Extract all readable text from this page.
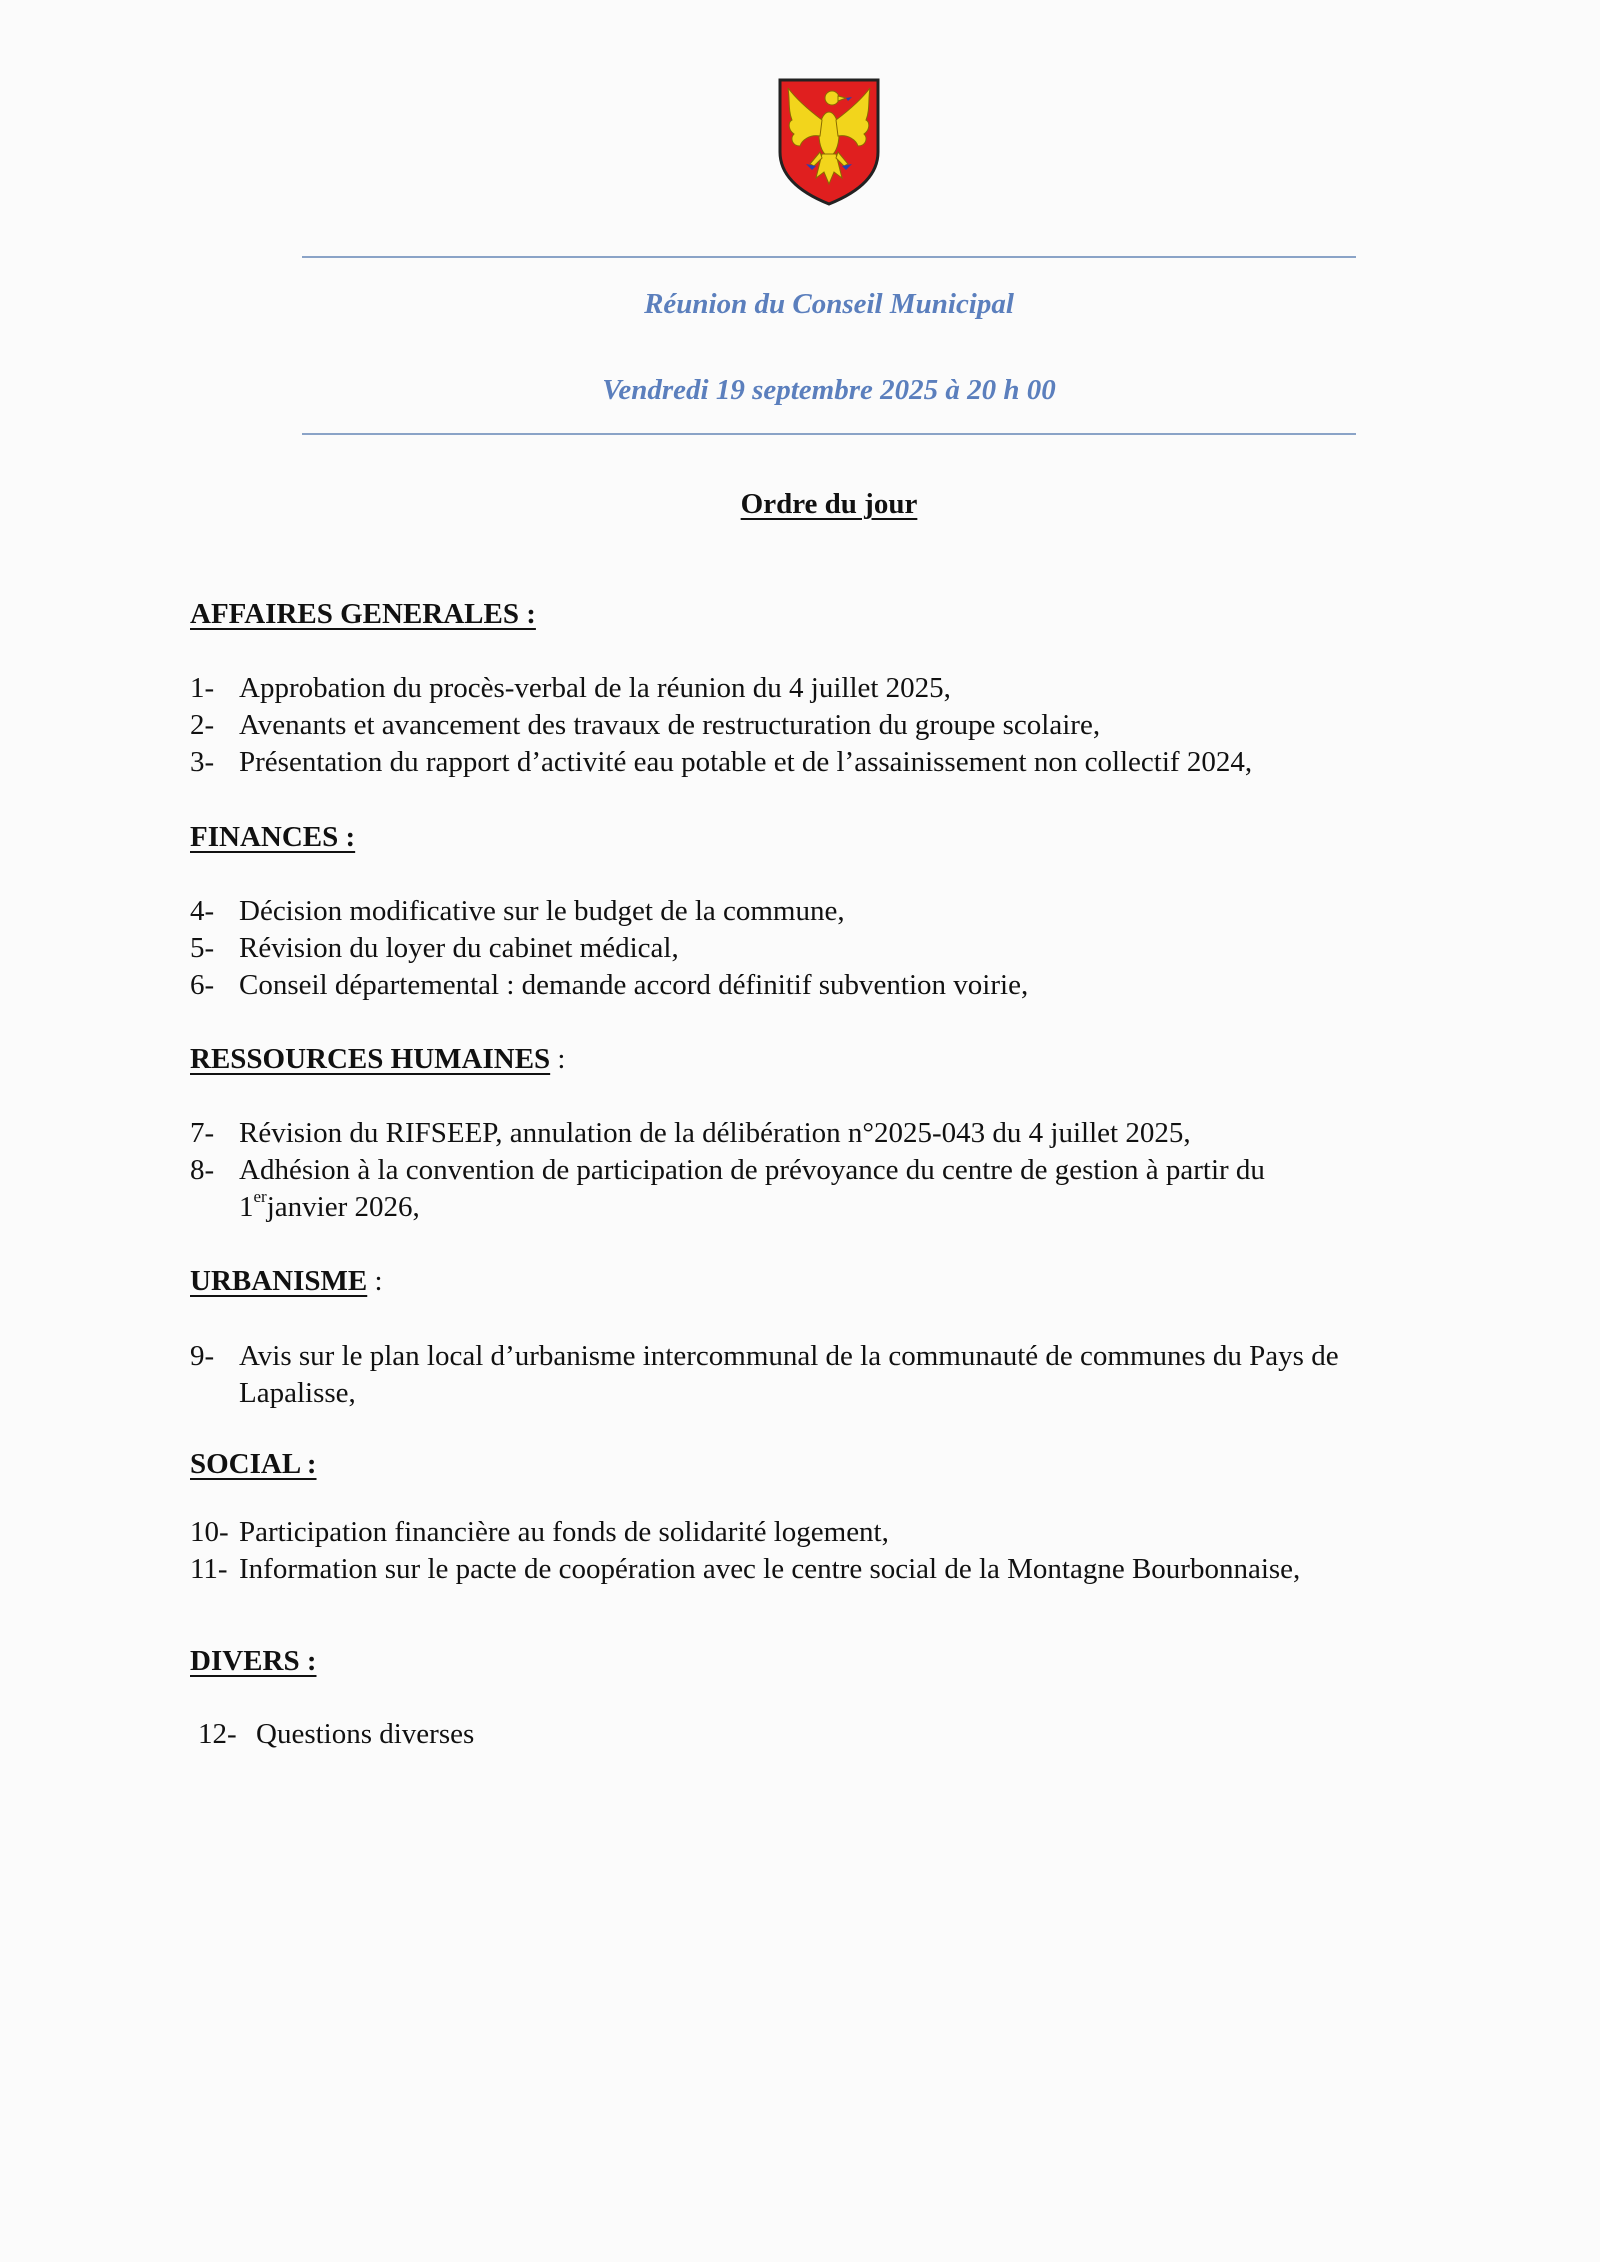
Réunion du Conseil Municipal
Vendredi 19 septembre 2025 à 20 h 00
Ordre du jour
AFFAIRES GENERALES :
1- Approbation du procès-verbal de la réunion du 4 juillet 2025,
2- Avenants et avancement des travaux de restructuration du groupe scolaire,
3- Présentation du rapport d’activité eau potable et de l’assainissement non collectif 2024,
FINANCES :
4- Décision modificative sur le budget de la commune,
5- Révision du loyer du cabinet médical,
6- Conseil départemental : demande accord définitif subvention voirie,
RESSOURCES HUMAINES :
7- Révision du RIFSEEP, annulation de la délibération n°2025-043 du 4 juillet 2025,
8- Adhésion à la convention de participation de prévoyance du centre de gestion à partir du
1erjanvier 2026,
URBANISME :
9- Avis sur le plan local d’urbanisme intercommunal de la communauté de communes du Pays de
Lapalisse,
SOCIAL :
10- Participation financière au fonds de solidarité logement,
11- Information sur le pacte de coopération avec le centre social de la Montagne Bourbonnaise,
DIVERS :
12- Questions diverses
